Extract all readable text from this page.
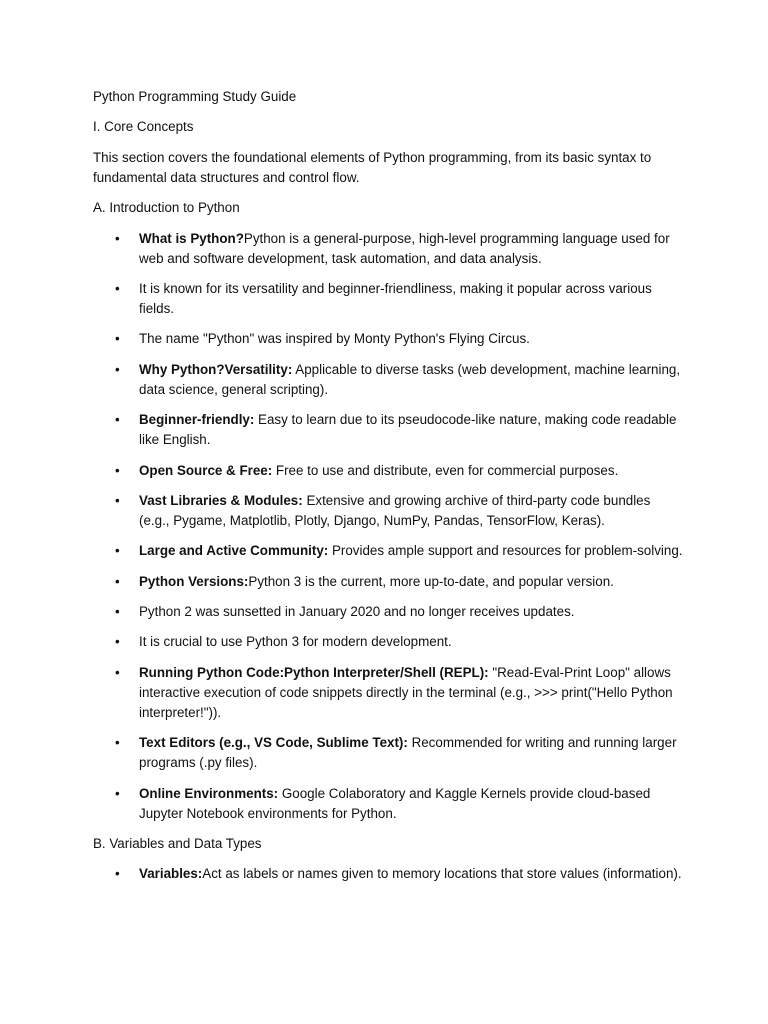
Python Programming Study Guide

I. Core Concepts

This section covers the foundational elements of Python programming, from its basic syntax to fundamental data structures and control flow.

A. Introduction to Python

• What is Python?Python is a general-purpose, high-level programming language used for web and software development, task automation, and data analysis.
• It is known for its versatility and beginner-friendliness, making it popular across various fields.
• The name "Python" was inspired by Monty Python's Flying Circus.
• Why Python?Versatility: Applicable to diverse tasks (web development, machine learning, data science, general scripting).
• Beginner-friendly: Easy to learn due to its pseudocode-like nature, making code readable like English.
• Open Source & Free: Free to use and distribute, even for commercial purposes.
• Vast Libraries & Modules: Extensive and growing archive of third-party code bundles (e.g., Pygame, Matplotlib, Plotly, Django, NumPy, Pandas, TensorFlow, Keras).
• Large and Active Community: Provides ample support and resources for problem-solving.
• Python Versions:Python 3 is the current, more up-to-date, and popular version.
• Python 2 was sunsetted in January 2020 and no longer receives updates.
• It is crucial to use Python 3 for modern development.
• Running Python Code:Python Interpreter/Shell (REPL): "Read-Eval-Print Loop" allows interactive execution of code snippets directly in the terminal (e.g., >>> print("Hello Python interpreter!")).
• Text Editors (e.g., VS Code, Sublime Text): Recommended for writing and running larger programs (.py files).
• Online Environments: Google Colaboratory and Kaggle Kernels provide cloud-based Jupyter Notebook environments for Python.

B. Variables and Data Types

• Variables:Act as labels or names given to memory locations that store values (information).
